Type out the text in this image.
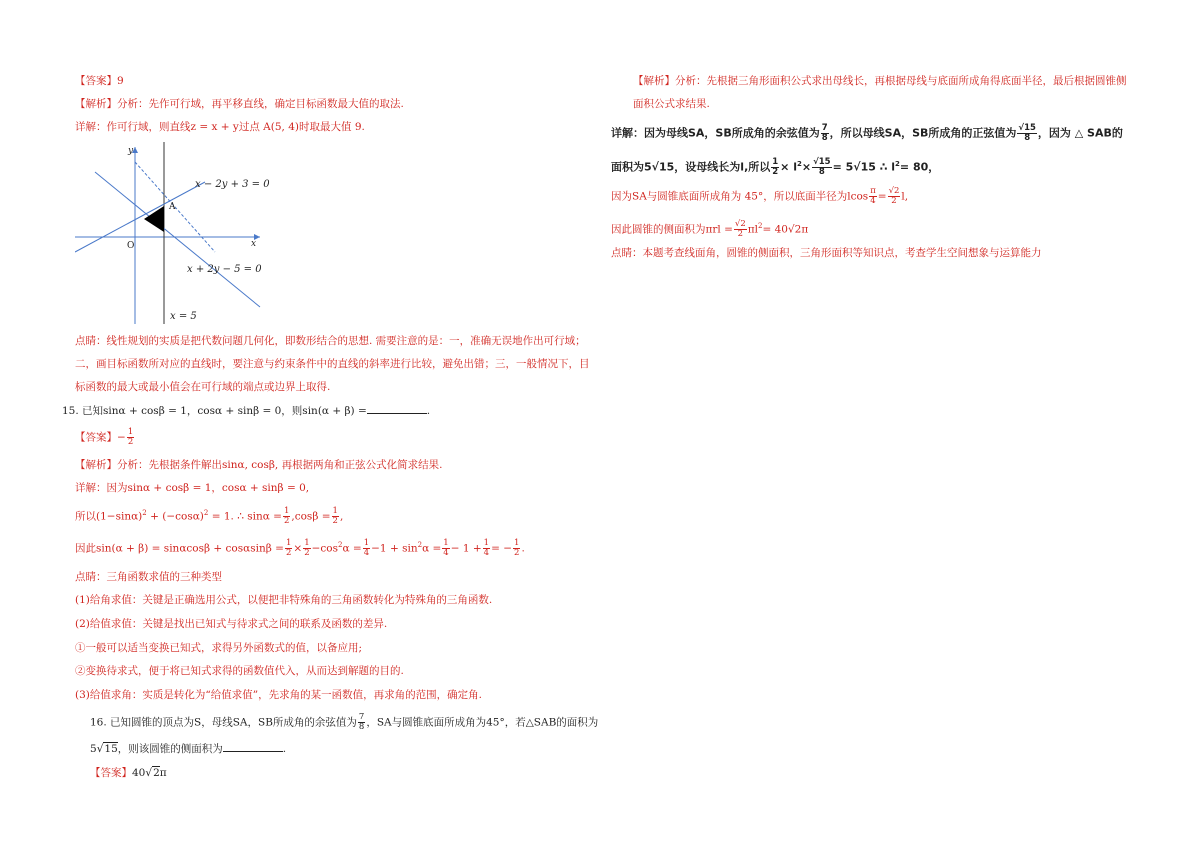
【答案】9
【解析】分析：先作可行域，再平移直线，确定目标函数最大值的取法.
详解：作可行域，则直线z = x + y过点 A(5, 4)时取最大值 9.
y
x
O
A
x − 2y + 3 = 0
x + 2y − 5 = 0
x = 5
点睛：线性规划的实质是把代数问题几何化，即数形结合的思想. 需要注意的是：一，准确无误地作出可行域；
二，画目标函数所对应的直线时，要注意与约束条件中的直线的斜率进行比较，避免出错；三，一般情况下，目
标函数的最大或最小值会在可行域的端点或边界上取得.
15. 已知sinα + cosβ = 1，cosα + sinβ = 0，则sin(α + β) =	.
【答案】− $\frac{1}{2}$
【解析】分析：先根据条件解出sinα, cosβ, 再根据两角和正弦公式化简求结果.
详解：因为sinα + cosβ = 1，cosα + sinβ = 0,
所以$(1-\sin\alpha)^2 + (-\cos\alpha)^2 = 1$. ∴ $\sin\alpha = \frac{1}{2} ,\cos\beta = \frac{1}{2}$ ,
因此$\sin(\alpha + \beta) = \sin\alpha\cos\beta + \cos\alpha\sin\beta = \frac{1}{2} \times \frac{1}{2} -\cos^2\alpha = \frac{1}{4} -1 + \sin^2\alpha = \frac{1}{4} - 1 + \frac{1}{4}$ = − $\frac{1}{2}$ .
点睛：三角函数求值的三种类型
(1)给角求值：关键是正确选用公式，以便把非特殊角的三角函数转化为特殊角的三角函数.
(2)给值求值：关键是找出已知式与待求式之间的联系及函数的差异.
①一般可以适当变换已知式，求得另外函数式的值，以备应用;
②变换待求式，便于将已知式求得的函数值代入，从而达到解题的目的.
(3)给值求角：实质是转化为“给值求值”，先求角的某一函数值，再求角的范围，确定角.
16. 已知圆锥的顶点为S，母线SA，SB所成角的余弦值为 $\frac{7}{8}$ ，SA与圆锥底面所成角为45°，若△SAB的面积为
5√15，则该圆锥的侧面积为	.
【答案】40√2π
【解析】分析：先根据三角形面积公式求出母线长，再根据母线与底面所成角得底面半径，最后根据圆锥侧
面积公式求结果.
详解：因为母线SA，SB所成角的余弦值为 $\frac{7}{8}$ ，所以母线SA，SB所成角的正弦值为 $\frac{√15}{8}$ ，因为 △ SAB的
面积为5√15，设母线长为l,所以 $\frac{1}{2} \times l^2\times \frac{√15}{8} = 5√15$ ∴ $l^2= 80$，
因为SA与圆锥底面所成角为 45°，所以底面半径为lcos $\frac{\pi}{4} = \frac{√2}{2} l$,
因此圆锥的侧面积为$\pi rl = \frac{√2}{2} \pi l^2= 40√2\pi$
点睛：本题考查线面角，圆锥的侧面积，三角形面积等知识点，考查学生空间想象与运算能力
